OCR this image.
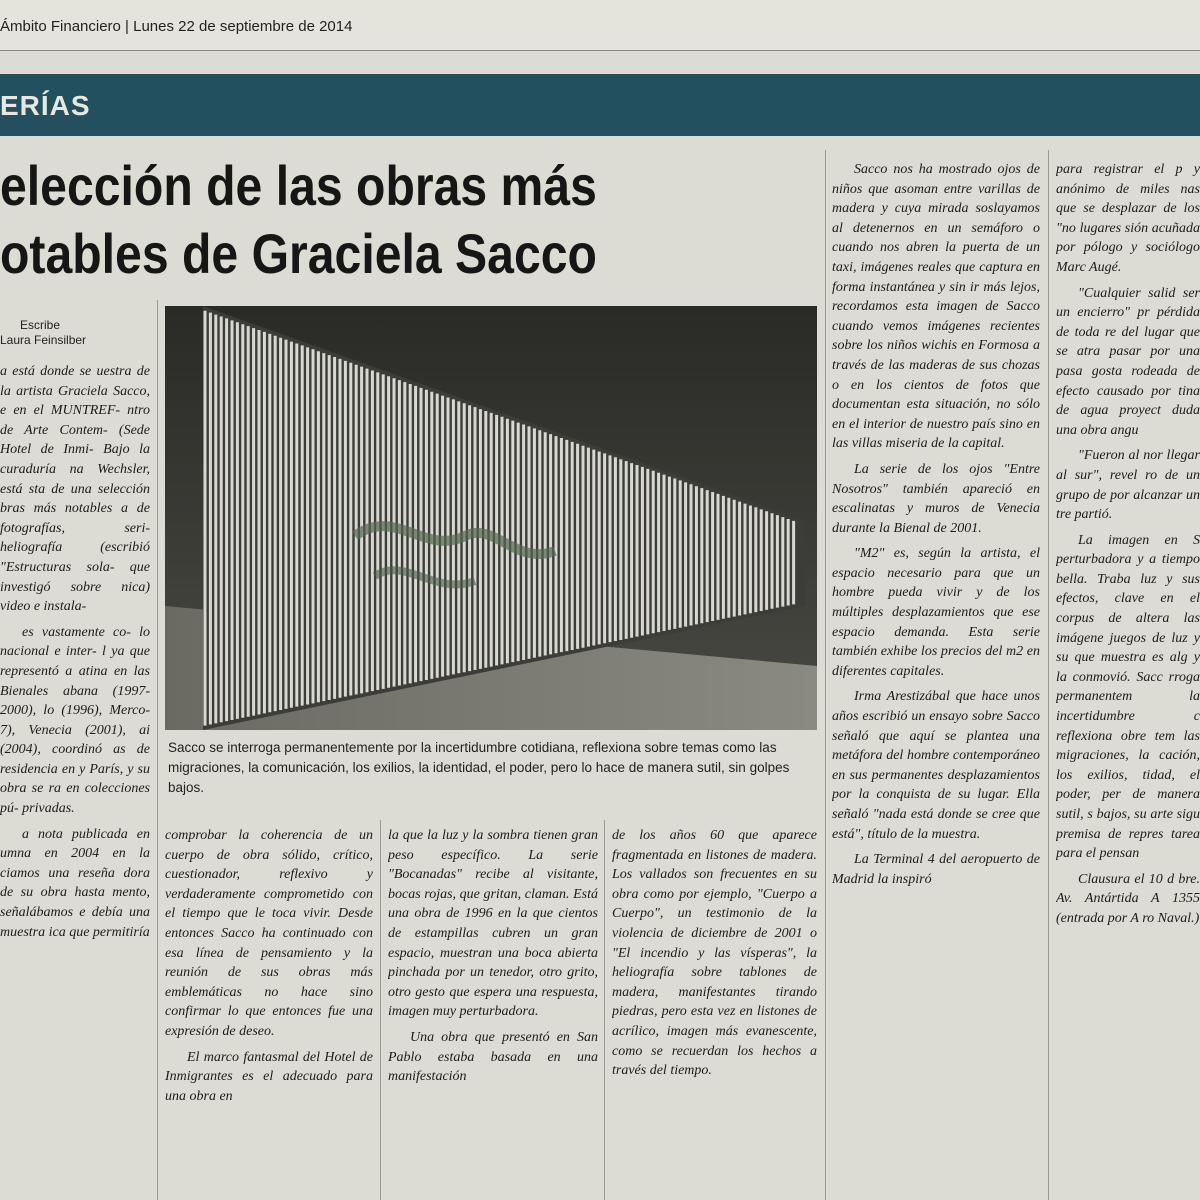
Ámbito Financiero | Lunes 22 de septiembre de 2014
ERÍAS
elección de las obras más
otables de Graciela Sacco
Escribe
Laura Feinsilber
Sacco se interroga permanentemente por la incertidumbre cotidiana, reflexiona sobre temas como las migraciones, la comunicación, los exilios, la identidad, el poder, pero lo hace de manera sutil, sin golpes bajos.

a está donde se uestra de la artista Graciela Sacco, e en el MUNTREF- ntro de Arte Contem- (Sede Hotel de Inmi- Bajo la curaduría na Wechsler, está sta de una selección bras más notables a de fotografías, seri- heliografía (escribió "Estructuras sola- que investigó sobre nica) video e instala-

es vastamente co- lo nacional e inter- l ya que representó a atina en las Bienales abana (1997-2000), lo (1996), Merco- 7), Venecia (2001), ai (2004), coordinó as de residencia en y París, y su obra se ra en colecciones pú- privadas.

a nota publicada en umna en 2004 en la ciamos una reseña dora de su obra hasta mento, señalábamos e debía una muestra ica que permitiría

comprobar la coherencia de un cuerpo de obra sólido, crítico, cuestionador, reflexivo y verdaderamente comprometido con el tiempo que le toca vivir. Desde entonces Sacco ha continuado con esa línea de pensamiento y la reunión de sus obras más emblemáticas no hace sino confirmar lo que entonces fue una expresión de deseo.

El marco fantasmal del Hotel de Inmigrantes es el adecuado para una obra en

la que la luz y la sombra tienen gran peso específico. La serie "Bocanadas" recibe al visitante, bocas rojas, que gritan, claman. Está una obra de 1996 en la que cientos de estampillas cubren un gran espacio, muestran una boca abierta pinchada por un tenedor, otro grito, otro gesto que espera una respuesta, imagen muy perturbadora.

Una obra que presentó en San Pablo estaba basada en una manifestación

de los años 60 que aparece fragmentada en listones de madera. Los vallados son frecuentes en su obra como por ejemplo, "Cuerpo a Cuerpo", un testimonio de la violencia de diciembre de 2001 o "El incendio y las vísperas", la heliografía sobre tablones de madera, manifestantes tirando piedras, pero esta vez en listones de acrílico, imagen más evanescente, como se recuerdan los hechos a través del tiempo.

Sacco nos ha mostrado ojos de niños que asoman entre varillas de madera y cuya mirada soslayamos al detenernos en un semáforo o cuando nos abren la puerta de un taxi, imágenes reales que captura en forma instantánea y sin ir más lejos, recordamos esta imagen de Sacco cuando vemos imágenes recientes sobre los niños wichis en Formosa a través de las maderas de sus chozas o en los cientos de fotos que documentan esta situación, no sólo en el interior de nuestro país sino en las villas miseria de la capital.

La serie de los ojos "Entre Nosotros" también apareció en escalinatas y muros de Venecia durante la Bienal de 2001.

"M2" es, según la artista, el espacio necesario para que un hombre pueda vivir y de los múltiples desplazamientos que ese espacio demanda. Esta serie también exhibe los precios del m2 en diferentes capitales.

Irma Arestizábal que hace unos años escribió un ensayo sobre Sacco señaló que aquí se plantea una metáfora del hombre contemporáneo en sus permanentes desplazamientos por la conquista de su lugar. Ella señaló "nada está donde se cree que está", título de la muestra.

La Terminal 4 del aeropuerto de Madrid la inspiró

para registrar el p y anónimo de miles nas que se desplazar de los "no lugares sión acuñada por pólogo y sociólogo Marc Augé.

"Cualquier salid ser un encierro" pr pérdida de toda re del lugar que se atra pasar por una pasa gosta rodeada de efecto causado por tina de agua proyect duda una obra angu

"Fueron al nor llegar al sur", revel ro de un grupo de por alcanzar un tre partió.

La imagen en S perturbadora y a tiempo bella. Traba luz y sus efectos, clave en el corpus de altera las imágene juegos de luz y su que muestra es alg y la conmovió. Sacc rroga permanentem la incertidumbre c reflexiona obre tem las migraciones, la cación, los exilios, tidad, el poder, per de manera sutil, s bajos, su arte sigu premisa de repres tarea para el pensan

Clausura el 10 d bre. Av. Antártida A 1355 (entrada por A ro Naval.)
